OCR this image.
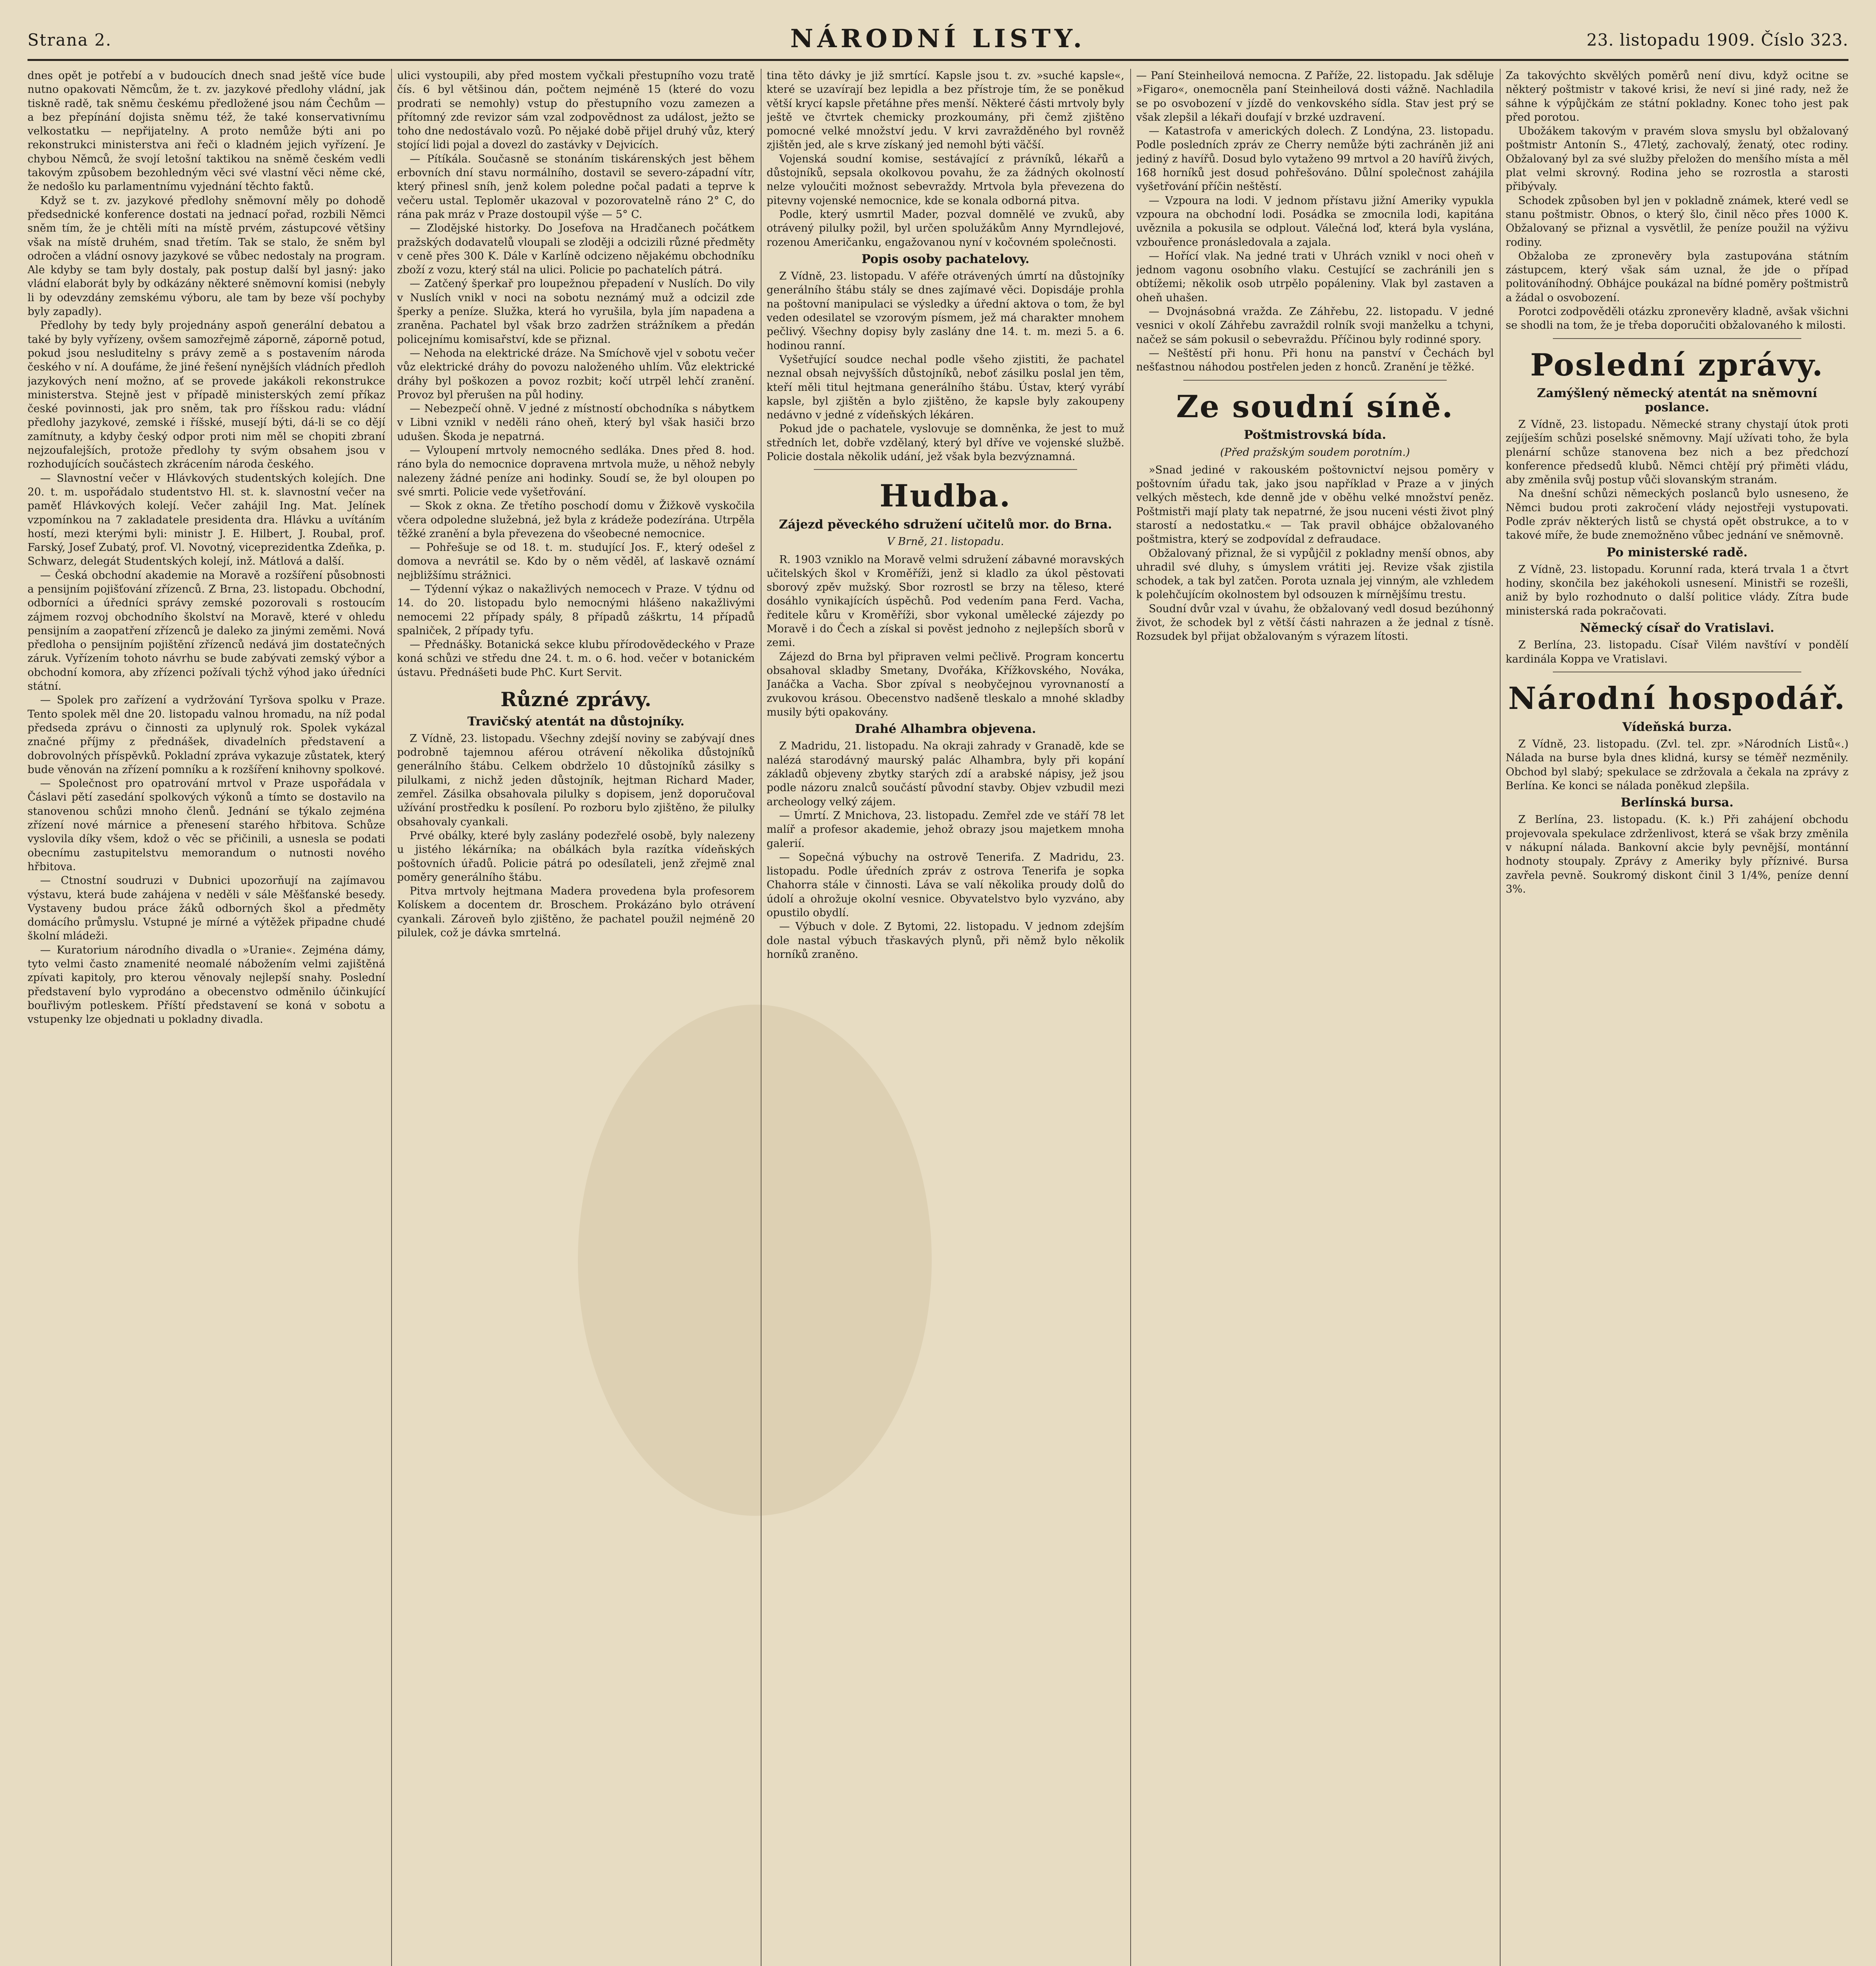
Strana 2.	NÁRODNÍ LISTY.	23. listopadu 1909. Číslo 323.

dnes opět je potřebí a v budoucích dnech snad ještě více bude nutno opakovati Němcům, že t. zv. jazykové předlohy vládní, jak tiskně radě, tak sněmu českému předložené jsou nám Čechům — a bez přepínání dojista sněmu též, že také konservativnímu velkostatku — nepřijatelny. A proto nemůže býti ani po rekonstrukci ministerstva ani řeči o kladném jejich vyřízení. Je chybou Němců, že svojí letošní taktikou na sněmě českém vedli takovým způsobem bezohledným věci své vlastní věci něme cké, že nedošlo ku parlamentnímu vyjednání těchto faktů.

Když se t. zv. jazykové předlohy sněmovní měly po dohodě předsednické konference dostati na jednací pořad, rozbili Němci sněm tím, že je chtěli míti na místě prvém, zástupcové většiny však na místě druhém, snad třetím. Tak se stalo, že sněm byl odročen a vládní osnovy jazykové se vůbec nedostaly na program. Ale kdyby se tam byly dostaly, pak postup další byl jasný: jako vládní elaborát byly by odkázány některé sněmovní komisi (nebyly li by odevzdány zemskému výboru, ale tam by beze vší pochyby byly zapadly).

Předlohy by tedy byly projednány aspoň generální debatou a také by byly vyřízeny, ovšem samozřejmě záporně, záporně potud, pokud jsou nesluditelny s právy země a s postavením národa českého v ní. A doufáme, že jiné řešení nynějších vládních předloh jazykových není možno, ať se provede jakákoli rekonstrukce ministerstva. Stejně jest v případě ministerských zemí příkaz české povinnosti, jak pro sněm, tak pro říšskou radu: vládní předlohy jazykové, zemské i říšské, musejí býti, dá-li se co dějí zamítnuty, a kdyby český odpor proti nim měl se chopiti zbraní nejzoufalejších, protože předlohy ty svým obsahem jsou v rozhodujících součástech zkrácením národa českého.

— Slavnostní večer v Hlávkových studentských kolejích. Dne 20. t. m. uspořádalo studentstvo Hl. st. k. slavnostní večer na paměť Hlávkových kolejí. Večer zahájil Ing. Mat. Jelínek vzpomínkou na 7 zakladatele presidenta dra. Hlávku a uvítáním hostí, mezi kterými byli: ministr J. E. Hilbert, J. Roubal, prof. Farský, Josef Zubatý, prof. Vl. Novotný, viceprezidentka Zdeňka, p. Schwarz, delegát Studentských kolejí, inž. Mátlová a další.

— Česká obchodní akademie na Moravě a rozšíření působnosti a pensijním pojišťování zřízenců. Z Brna, 23. listopadu. Obchodní, odborníci a úředníci správy zemské pozorovali s rostoucím zájmem rozvoj obchodního školství na Moravě, které v ohledu pensijním a zaopatření zřízenců je daleko za jinými zeměmi. Nová předloha o pensijním pojištění zřízenců nedává jim dostatečných záruk. Vyřízením tohoto návrhu se bude zabývati zemský výbor a obchodní komora, aby zřízenci požívali týchž výhod jako úředníci státní.

— Spolek pro zařízení a vydržování Tyršova spolku v Praze. Tento spolek měl dne 20. listopadu valnou hromadu, na níž podal předseda zprávu o činnosti za uplynulý rok. Spolek vykázal značné příjmy z přednášek, divadelních představení a dobrovolných příspěvků. Pokladní zpráva vykazuje zůstatek, který bude věnován na zřízení pomníku a k rozšíření knihovny spolkové.

— Společnost pro opatrování mrtvol v Praze uspořádala v Čáslavi pětí zasedání spolkových výkonů a tímto se dostavilo na stanovenou schůzi mnoho členů. Jednání se týkalo zejména zřízení nové márnice a přenesení starého hřbitova. Schůze vyslovila díky všem, kdož o věc se přičinili, a usnesla se podati obecnímu zastupitelstvu memorandum o nutnosti nového hřbitova.

— Ctnostní soudruzi v Dubnici upozorňují na zajímavou výstavu, která bude zahájena v neděli v sále Měšťanské besedy. Vystaveny budou práce žáků odborných škol a předměty domácího průmyslu. Vstupné je mírné a výtěžek připadne chudé školní mládeži.

— Kuratorium národního divadla o »Uranie«. Zejména dámy, tyto velmi často znamenité neomalé nábožením velmi zajištěná zpívati kapitoly, pro kterou věnovaly nejlepší snahy. Poslední představení bylo vyprodáno a obecenstvo odměnilo účinkující bouřlivým potleskem. Příští představení se koná v sobotu a vstupenky lze objednati u pokladny divadla.

ulici vystoupili, aby před mostem vyčkali přestupního vozu tratě čís. 6 byl většinou dán, počtem nejméně 15 (které do vozu prodrati se nemohly) vstup do přestupního vozu zamezen a přítomný zde revizor sám vzal zodpovědnost za událost, ježto se toho dne nedostávalo vozů. Po nějaké době přijel druhý vůz, který stojící lidi pojal a dovezl do zastávky v Dejvicích.

— Pítíkála. Současně se stonáním tiskárenských jest během erbovních dní stavu normálního, dostavil se severo-západní vítr, který přinesl sníh, jenž kolem poledne počal padati a teprve k večeru ustal. Teploměr ukazoval v pozorovatelně ráno 2° C, do rána pak mráz v Praze dostoupil výše — 5° C.

— Zlodějské historky. Do Josefova na Hradčanech počátkem pražských dodavatelů vloupali se zloději a odcizili různé předměty v ceně přes 300 K. Dále v Karlíně odcizeno nějakému obchodníku zboží z vozu, který stál na ulici. Policie po pachatelích pátrá.

— Zatčený šperkař pro loupežnou přepadení v Nuslích. Do vily v Nuslích vnikl v noci na sobotu neznámý muž a odcizil zde šperky a peníze. Služka, která ho vyrušila, byla jím napadena a zraněna. Pachatel byl však brzo zadržen strážníkem a předán policejnímu komisařství, kde se přiznal.

— Nehoda na elektrické dráze. Na Smíchově vjel v sobotu večer vůz elektrické dráhy do povozu naloženého uhlím. Vůz elektrické dráhy byl poškozen a povoz rozbit; kočí utrpěl lehčí zranění. Provoz byl přerušen na půl hodiny.

— Nebezpečí ohně. V jedné z místností obchodníka s nábytkem v Libni vznikl v neděli ráno oheň, který byl však hasiči brzo udušen. Škoda je nepatrná.

— Vyloupení mrtvoly nemocného sedláka. Dnes před 8. hod. ráno byla do nemocnice dopravena mrtvola muže, u něhož nebyly nalezeny žádné peníze ani hodinky. Soudí se, že byl oloupen po své smrti. Policie vede vyšetřování.

— Skok z okna. Ze třetího poschodí domu v Žižkově vyskočila včera odpoledne služebná, jež byla z krádeže podezírána. Utrpěla těžké zranění a byla převezena do všeobecné nemocnice.

— Pohřešuje se od 18. t. m. studující Jos. F., který odešel z domova a nevrátil se. Kdo by o něm věděl, ať laskavě oznámí nejbližšímu strážnici.

— Týdenní výkaz o nakažlivých nemocech v Praze. V týdnu od 14. do 20. listopadu bylo nemocnými hlášeno nakažlivými nemocemi 22 případy spály, 8 případů záškrtu, 14 případů spalniček, 2 případy tyfu.

— Přednášky. Botanická sekce klubu přírodovědeckého v Praze koná schůzi ve středu dne 24. t. m. o 6. hod. večer v botanickém ústavu. Přednášeti bude PhC. Kurt Servit.

Různé zprávy.
Travičský atentát na důstojníky.

Z Vídně, 23. listopadu. Všechny zdejší noviny se zabývají dnes podrobně tajemnou aférou otrávení několika důstojníků generálního štábu. Celkem obdrželo 10 důstojníků zásilky s pilulkami, z nichž jeden důstojník, hejtman Richard Mader, zemřel. Zásilka obsahovala pilulky s dopisem, jenž doporučoval užívání prostředku k posílení. Po rozboru bylo zjištěno, že pilulky obsahovaly cyankali.

Prvé obálky, které byly zaslány podezřelé osobě, byly nalezeny u jistého lékárníka; na obálkách byla razítka vídeňských poštovních úřadů. Policie pátrá po odesílateli, jenž zřejmě znal poměry generálního štábu.

Pitva mrtvoly hejtmana Madera provedena byla profesorem Kolískem a docentem dr. Broschem. Prokázáno bylo otrávení cyankali. Zároveň bylo zjištěno, že pachatel použil nejméně 20 pilulek, což je dávka smrtelná.

tina těto dávky je již smrtící. Kapsle jsou t. zv. »suché kapsle«, které se uzavírají bez lepidla a bez přístroje tím, že se poněkud větší krycí kapsle přetáhne přes menší. Některé části mrtvoly byly ještě ve čtvrtek chemicky prozkoumány, při čemž zjištěno pomocné velké množství jedu. V krvi zavražděného byl rovněž zjištěn jed, ale s krve získaný jed nemohl býti väčší.

Vojenská soudní komise, sestávající z právníků, lékařů a důstojníků, sepsala okolkovou povahu, že za žádných okolností nelze vyloučiti možnost sebevraždy. Mrtvola byla převezena do pitevny vojenské nemocnice, kde se konala odborná pitva.

Podle, který usmrtil Mader, pozval domnělé ve zvuků, aby otrávený pilulky požil, byl určen spolužákům Anny Myrndlejové, rozenou Američanku, engažovanou nyní v kočovném společnosti.

Popis osoby pachatelovy.

Z Vídně, 23. listopadu. V aféře otrávených úmrtí na důstojníky generálního štábu stály se dnes zajímavé věci. Dopisdáje prohla na poštovní manipulaci se výsledky a úřední aktova o tom, že byl veden odesilatel se vzorovým písmem, jež má charakter mnohem pečlivý. Všechny dopisy byly zaslány dne 14. t. m. mezi 5. a 6. hodinou ranní.

Vyšetřující soudce nechal podle všeho zjistiti, že pachatel neznal obsah nejvyšších důstojníků, neboť zásilku poslal jen těm, kteří měli titul hejtmana generálního štábu. Ústav, který vyrábí kapsle, byl zjištěn a bylo zjištěno, že kapsle byly zakoupeny nedávno v jedné z vídeňských lékáren.

Pokud jde o pachatele, vyslovuje se domněnka, že jest to muž středních let, dobře vzdělaný, který byl dříve ve vojenské službě. Policie dostala několik udání, jež však byla bezvýznamná.

Hudba.
Zájezd pěveckého sdružení učitelů mor. do Brna.
V Brně, 21. listopadu.

R. 1903 vzniklo na Moravě velmi sdružení zábavné moravských učitelských škol v Kroměříži, jenž si kladlo za úkol pěstovati sborový zpěv mužský. Sbor rozrostl se brzy na těleso, které dosáhlo vynikajících úspěchů. Pod vedením pana Ferd. Vacha, ředitele kůru v Kroměříži, sbor vykonal umělecké zájezdy po Moravě i do Čech a získal si pověst jednoho z nejlepších sborů v zemi.

Zájezd do Brna byl připraven velmi pečlivě. Program koncertu obsahoval skladby Smetany, Dvořáka, Křížkovského, Nováka, Janáčka a Vacha. Sbor zpíval s neobyčejnou vyrovnaností a zvukovou krásou. Obecenstvo nadšeně tleskalo a mnohé skladby musily býti opakovány.

Drahé Alhambra objevena.

Z Madridu, 21. listopadu. Na okraji zahrady v Granadě, kde se nalézá starodávný maurský palác Alhambra, byly při kopání základů objeveny zbytky starých zdí a arabské nápisy, jež jsou podle názoru znalců součástí původní stavby. Objev vzbudil mezi archeology velký zájem.

— Úmrtí. Z Mnichova, 23. listopadu. Zemřel zde ve stáří 78 let malíř a profesor akademie, jehož obrazy jsou majetkem mnoha galerií.

— Sopečná výbuchy na ostrově Tenerifa. Z Madridu, 23. listopadu. Podle úředních zpráv z ostrova Tenerifa je sopka Chahorra stále v činnosti. Láva se valí několika proudy dolů do údolí a ohrožuje okolní vesnice. Obyvatelstvo bylo vyzváno, aby opustilo obydlí.

— Výbuch v dole. Z Bytomi, 22. listopadu. V jednom zdejším dole nastal výbuch třaskavých plynů, při němž bylo několik horníků zraněno.

— Paní Steinheilová nemocna. Z Paříže, 22. listopadu. Jak sděluje »Figaro«, onemocněla paní Steinheilová dosti vážně. Nachladila se po osvobození v jízdě do venkovského sídla. Stav jest prý se však zlepšil a lékaři doufají v brzké uzdravení.

— Katastrofa v amerických dolech. Z Londýna, 23. listopadu. Podle posledních zpráv ze Cherry nemůže býti zachráněn již ani jediný z havířů. Dosud bylo vytaženo 99 mrtvol a 20 havířů živých, 168 horníků jest dosud pohřešováno. Důlní společnost zahájila vyšetřování příčin neštěstí.

— Vzpoura na lodi. V jednom přístavu jižní Ameriky vypukla vzpoura na obchodní lodi. Posádka se zmocnila lodi, kapitána uvěznila a pokusila se odplout. Válečná loď, která byla vyslána, vzbouřence pronásledovala a zajala.

— Hořící vlak. Na jedné trati v Uhrách vznikl v noci oheň v jednom vagonu osobního vlaku. Cestující se zachránili jen s obtížemi; několik osob utrpělo popáleniny. Vlak byl zastaven a oheň uhašen.

— Dvojnásobná vražda. Ze Záhřebu, 22. listopadu. V jedné vesnici v okolí Záhřebu zavraždil rolník svoji manželku a tchyni, načež se sám pokusil o sebevraždu. Příčinou byly rodinné spory.

— Neštěstí při honu. Při honu na panství v Čechách byl nešťastnou náhodou postřelen jeden z honců. Zranění je těžké.

Ze soudní síně.
Poštmistrovská bída.
(Před pražským soudem porotním.)

»Snad jediné v rakouském poštovnictví nejsou poměry v poštovním úřadu tak, jako jsou například v Praze a v jiných velkých městech, kde denně jde v oběhu velké množství peněz. Poštmistři mají platy tak nepatrné, že jsou nuceni vésti život plný starostí a nedostatku.« — Tak pravil obhájce obžalovaného poštmistra, který se zodpovídal z defraudace.

Obžalovaný přiznal, že si vypůjčil z pokladny menší obnos, aby uhradil své dluhy, s úmyslem vrátiti jej. Revize však zjistila schodek, a tak byl zatčen. Porota uznala jej vinným, ale vzhledem k polehčujícím okolnostem byl odsouzen k mírnějšímu trestu.

Soudní dvůr vzal v úvahu, že obžalovaný vedl dosud bezúhonný život, že schodek byl z větší části nahrazen a že jednal z tísně. Rozsudek byl přijat obžalovaným s výrazem lítosti.

Za takovýchto skvělých poměrů není divu, když ocitne se některý poštmistr v takové krisi, že neví si jiné rady, než že sáhne k výpůjčkám ze státní pokladny. Konec toho jest pak před porotou.

Ubožákem takovým v pravém slova smyslu byl obžalovaný poštmistr Antonín S., 47letý, zachovalý, ženatý, otec rodiny. Obžalovaný byl za své služby přeložen do menšího místa a měl plat velmi skrovný. Rodina jeho se rozrostla a starosti přibývaly.

Schodek způsoben byl jen v pokladně známek, které vedl se stanu poštmistr. Obnos, o který šlo, činil něco přes 1000 K. Obžalovaný se přiznal a vysvětlil, že peníze použil na výživu rodiny.

Obžaloba ze zpronevěry byla zastupována státním zástupcem, který však sám uznal, že jde o případ politováníhodný. Obhájce poukázal na bídné poměry poštmistrů a žádal o osvobození.

Porotci zodpověděli otázku zpronevěry kladně, avšak všichni se shodli na tom, že je třeba doporučiti obžalovaného k milosti.

Poslední zprávy.
Zamýšlený německý atentát na sněmovní poslance.

Z Vídně, 23. listopadu. Německé strany chystají útok proti zejíješím schůzi poselské sněmovny. Mají užívati toho, že byla plenární schůze stanovena bez nich a bez předchozí konference předsedů klubů. Němci chtějí prý přiměti vládu, aby změnila svůj postup vůči slovanským stranám.

Na dnešní schůzi německých poslanců bylo usneseno, že Němci budou proti zakročení vlády nejostřeji vystupovati. Podle zpráv některých listů se chystá opět obstrukce, a to v takové míře, že bude znemožněno vůbec jednání ve sněmovně.

Po ministerské radě.

Z Vídně, 23. listopadu. Korunní rada, která trvala 1 a čtvrt hodiny, skončila bez jakéhokoli usnesení. Ministři se rozešli, aniž by bylo rozhodnuto o další politice vlády. Zítra bude ministerská rada pokračovati.

Německý císař do Vratislavi.

Z Berlína, 23. listopadu. Císař Vilém navštíví v pondělí kardinála Koppa ve Vratislavi.

Národní hospodář.
Vídeňská burza.

Z Vídně, 23. listopadu. (Zvl. tel. zpr. »Národních Listů«.) Nálada na burse byla dnes klidná, kursy se téměř nezměnily. Obchod byl slabý; spekulace se zdržovala a čekala na zprávy z Berlína. Ke konci se nálada poněkud zlepšila.

Berlínská bursa.

Z Berlína, 23. listopadu. (K. k.) Při zahájení obchodu projevovala spekulace zdrženlivost, která se však brzy změnila v nákupní nálada. Bankovní akcie byly pevnější, montánní hodnoty stoupaly. Zprávy z Ameriky byly příznivé. Bursa zavřela pevně. Soukromý diskont činil 3 1/4%, peníze denní 3%.
